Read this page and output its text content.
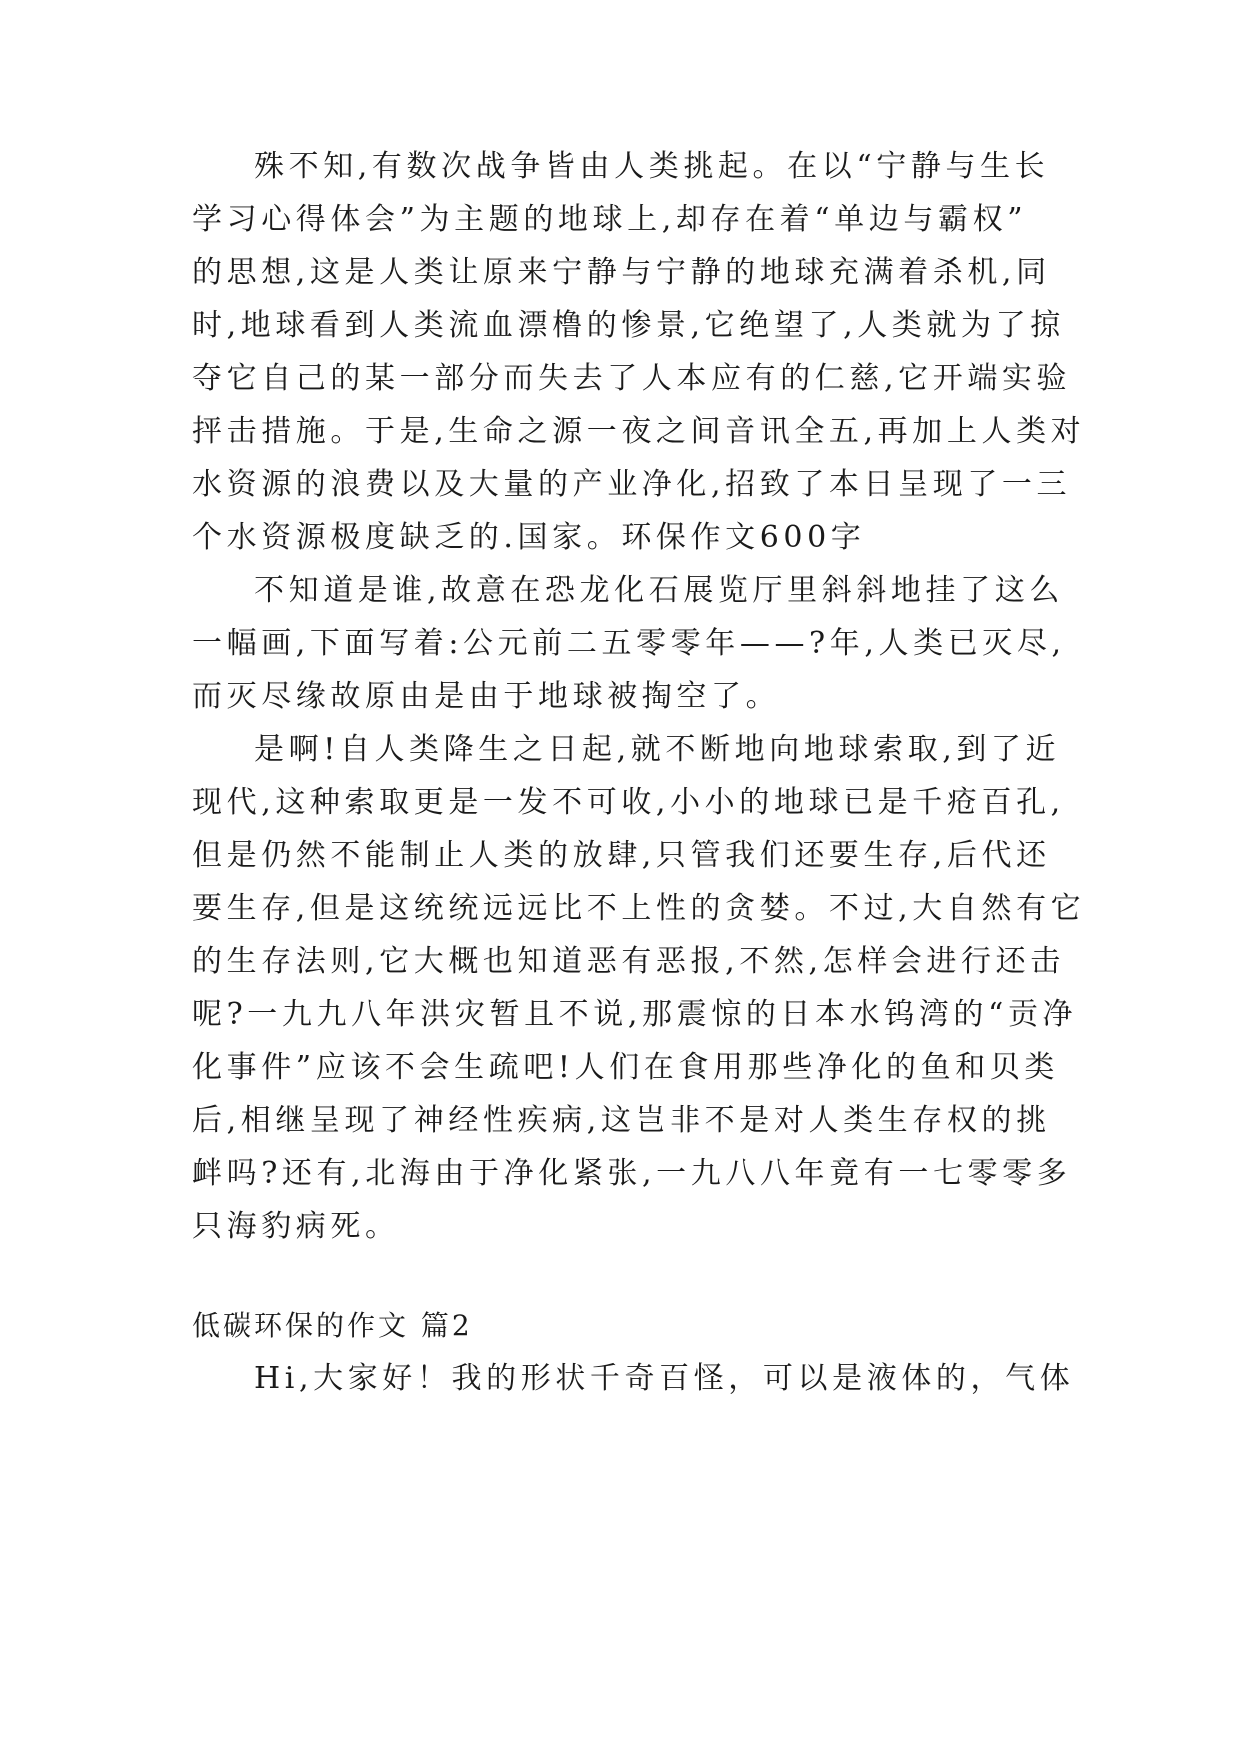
殊不知,有数次战争皆由人类挑起。在以“宁静与生长
学习心得体会”为主题的地球上,却存在着“单边与霸权”
的思想,这是人类让原来宁静与宁静的地球充满着杀机,同
时,地球看到人类流血漂橹的惨景,它绝望了,人类就为了掠
夺它自己的某一部分而失去了人本应有的仁慈,它开端实验
抨击措施。于是,生命之源一夜之间音讯全五,再加上人类对
水资源的浪费以及大量的产业净化,招致了本日呈现了一三
个水资源极度缺乏的.国家。环保作文600字
不知道是谁,故意在恐龙化石展览厅里斜斜地挂了这么
一幅画,下面写着:公元前二五零零年——?年,人类已灭尽,
而灭尽缘故原由是由于地球被掏空了。
是啊!自人类降生之日起,就不断地向地球索取,到了近
现代,这种索取更是一发不可收,小小的地球已是千疮百孔,
但是仍然不能制止人类的放肆,只管我们还要生存,后代还
要生存,但是这统统远远比不上性的贪婪。不过,大自然有它
的生存法则,它大概也知道恶有恶报,不然,怎样会进行还击
呢?一九九八年洪灾暂且不说,那震惊的日本水钨湾的“贡净
化事件”应该不会生疏吧!人们在食用那些净化的鱼和贝类
后,相继呈现了神经性疾病,这岂非不是对人类生存权的挑
衅吗?还有,北海由于净化紧张,一九八八年竟有一七零零多
只海豹病死。
低碳环保的作文 篇2
Hi,大家好！我的形状千奇百怪，可以是液体的，气体
